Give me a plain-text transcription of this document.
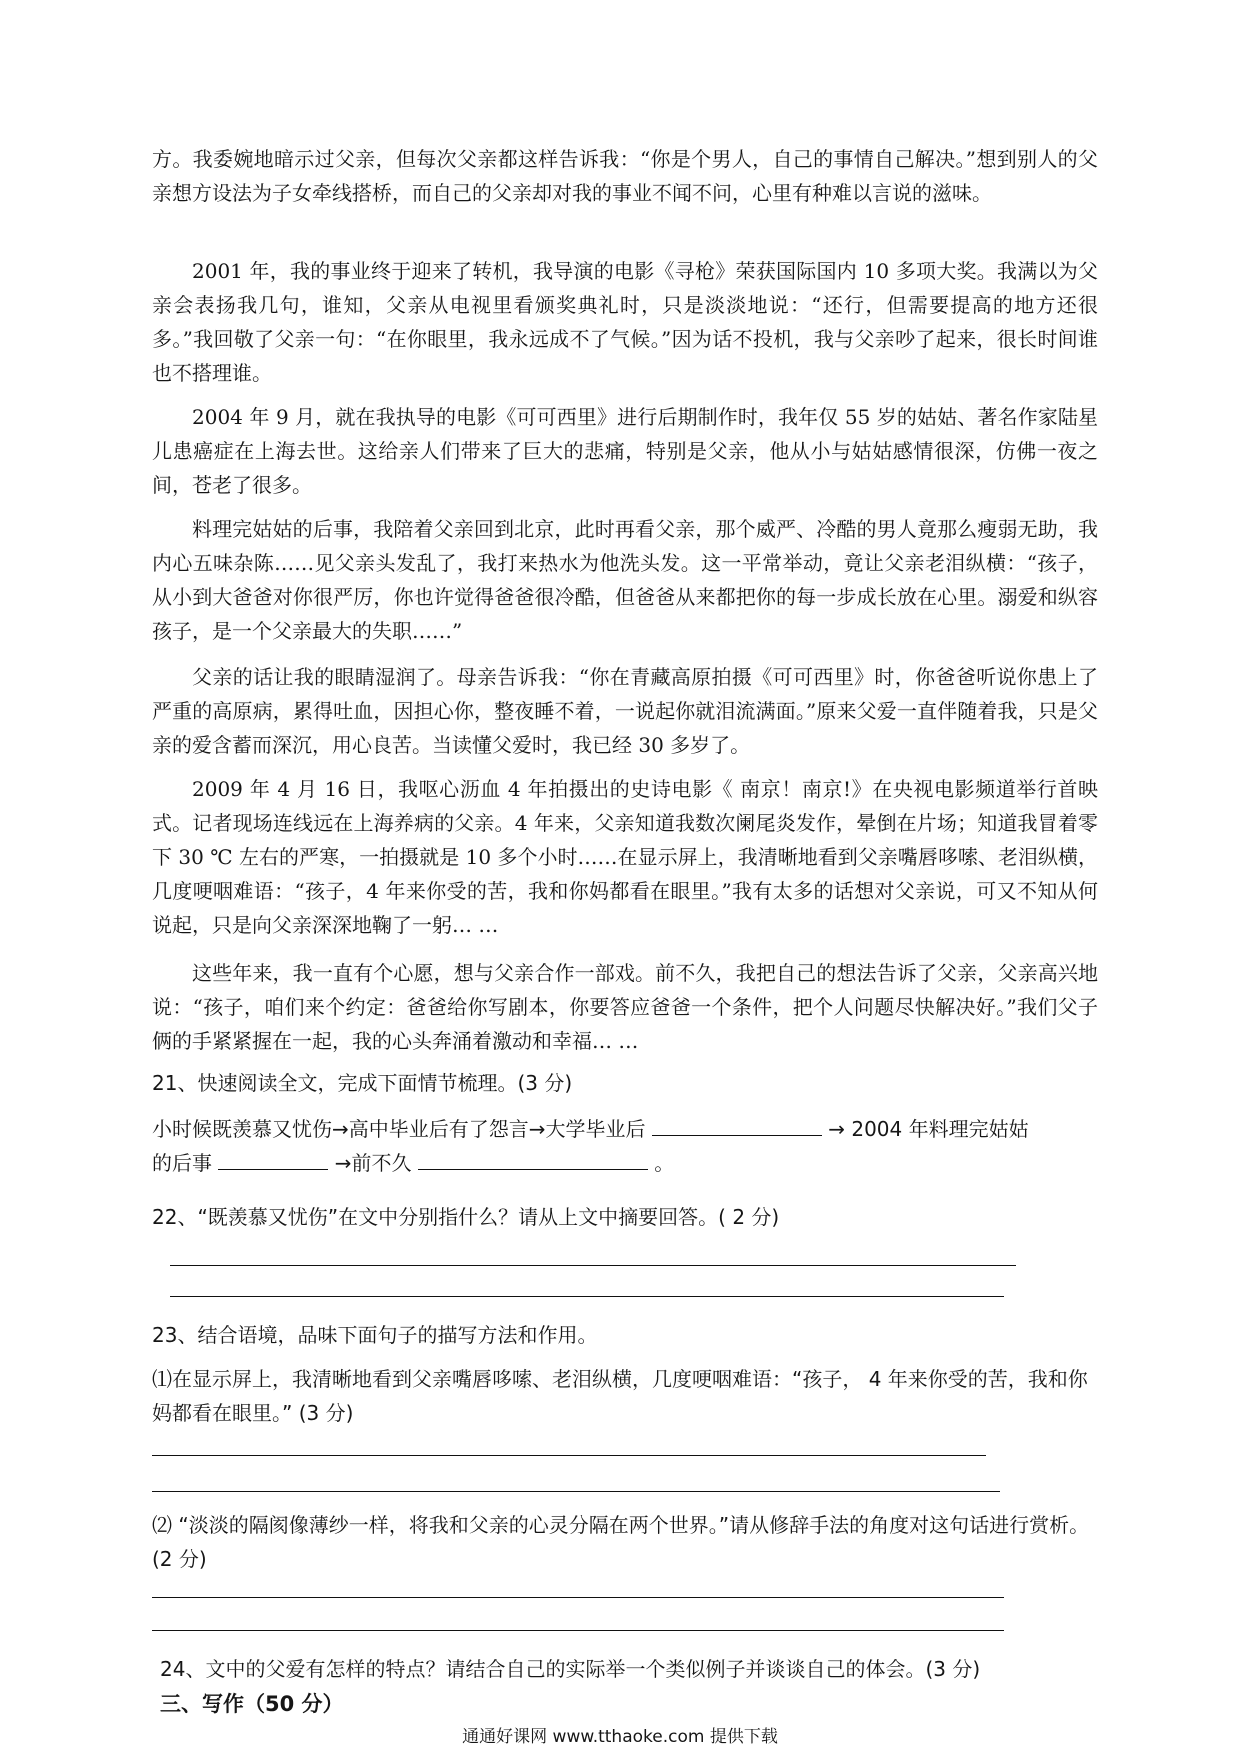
方。我委婉地暗示过父亲，但每次父亲都这样告诉我：“你是个男人，自己的事情自己解决。”想到别人的父亲想方设法为子女牵线搭桥，而自己的父亲却对我的事业不闻不问，心里有种难以言说的滋味。

2001 年，我的事业终于迎来了转机，我导演的电影《寻枪》荣获国际国内 10 多项大奖。我满以为父亲会表扬我几句，谁知，父亲从电视里看颁奖典礼时，只是淡淡地说：“还行，但需要提高的地方还很多。”我回敬了父亲一句：“在你眼里，我永远成不了气候。”因为话不投机，我与父亲吵了起来，很长时间谁也不搭理谁。

2004 年 9 月，就在我执导的电影《可可西里》进行后期制作时，我年仅 55 岁的姑姑、著名作家陆星儿患癌症在上海去世。这给亲人们带来了巨大的悲痛，特别是父亲，他从小与姑姑感情很深，仿佛一夜之间，苍老了很多。

料理完姑姑的后事，我陪着父亲回到北京，此时再看父亲，那个威严、冷酷的男人竟那么瘦弱无助，我内心五味杂陈……见父亲头发乱了，我打来热水为他洗头发。这一平常举动，竟让父亲老泪纵横：“孩子，从小到大爸爸对你很严厉，你也许觉得爸爸很冷酷，但爸爸从来都把你的每一步成长放在心里。溺爱和纵容孩子，是一个父亲最大的失职……”

父亲的话让我的眼睛湿润了。母亲告诉我：“你在青藏高原拍摄《可可西里》时，你爸爸听说你患上了严重的高原病，累得吐血，因担心你，整夜睡不着，一说起你就泪流满面。”原来父爱一直伴随着我，只是父亲的爱含蓄而深沉，用心良苦。当读懂父爱时，我已经 30 多岁了。

2009 年 4 月 16 日，我呕心沥血 4 年拍摄出的史诗电影《 南京！南京!》在央视电影频道举行首映式。记者现场连线远在上海养病的父亲。4 年来，父亲知道我数次阑尾炎发作，晕倒在片场；知道我冒着零下 30 ℃ 左右的严寒，一拍摄就是 10 多个小时……在显示屏上，我清晰地看到父亲嘴唇哆嗦、老泪纵横，几度哽咽难语：“孩子，4 年来你受的苦，我和你妈都看在眼里。”我有太多的话想对父亲说，可又不知从何说起，只是向父亲深深地鞠了一躬… …

这些年来，我一直有个心愿，想与父亲合作一部戏。前不久，我把自己的想法告诉了父亲，父亲高兴地说：“孩子，咱们来个约定：爸爸给你写剧本，你要答应爸爸一个条件，把个人问题尽快解决好。”我们父子俩的手紧紧握在一起，我的心头奔涌着激动和幸福… …

21、快速阅读全文，完成下面情节梳理。(3 分)

小时候既羡慕又忧伤→高中毕业后有了怨言→大学毕业后	→ 2004 年料理完姑姑
的后事	→前不久	。

22、“既羡慕又忧伤”在文中分别指什么？请从上文中摘要回答。( 2 分)

23、结合语境，品味下面句子的描写方法和作用。

⑴在显示屏上，我清晰地看到父亲嘴唇哆嗦、老泪纵横，几度哽咽难语：“孩子， 4 年来你受的苦，我和你妈都看在眼里。” (3 分)

⑵ “淡淡的隔阂像薄纱一样，将我和父亲的心灵分隔在两个世界。”请从修辞手法的角度对这句话进行赏析。(2 分)

24、文中的父爱有怎样的特点？请结合自己的实际举一个类似例子并谈谈自己的体会。(3 分)

三、写作（50 分）

通通好课网 www.tthaoke.com 提供下载
